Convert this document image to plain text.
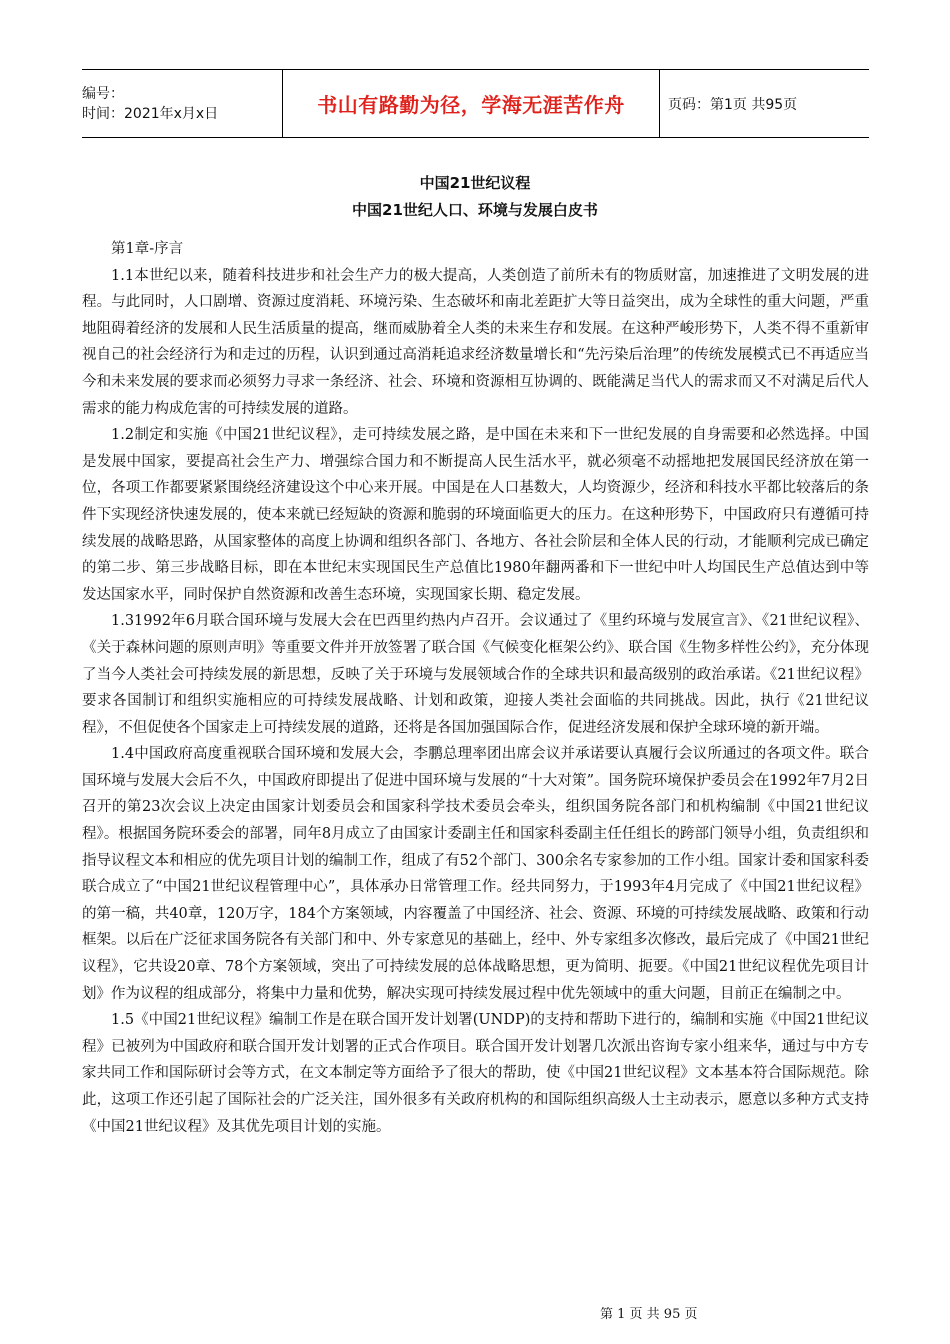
编号：
时间：2021年x月x日	书山有路勤为径，学海无涯苦作舟	页码：第1页 共95页
中国21世纪议程
中国21世纪人口、环境与发展白皮书

第1章-序言

1.1本世纪以来，随着科技进步和社会生产力的极大提高，人类创造了前所未有的物质财富，加速推进了文明发展的进程。与此同时，人口剧增、资源过度消耗、环境污染、生态破坏和南北差距扩大等日益突出，成为全球性的重大问题，严重地阻碍着经济的发展和人民生活质量的提高，继而威胁着全人类的未来生存和发展。在这种严峻形势下，人类不得不重新审视自己的社会经济行为和走过的历程，认识到通过高消耗追求经济数量增长和“先污染后治理”的传统发展模式已不再适应当今和未来发展的要求而必须努力寻求一条经济、社会、环境和资源相互协调的、既能满足当代人的需求而又不对满足后代人需求的能力构成危害的可持续发展的道路。

1.2制定和实施《中国21世纪议程》，走可持续发展之路，是中国在未来和下一世纪发展的自身需要和必然选择。中国是发展中国家，要提高社会生产力、增强综合国力和不断提高人民生活水平，就必须毫不动摇地把发展国民经济放在第一位，各项工作都要紧紧围绕经济建设这个中心来开展。中国是在人口基数大，人均资源少，经济和科技水平都比较落后的条件下实现经济快速发展的，使本来就已经短缺的资源和脆弱的环境面临更大的压力。在这种形势下，中国政府只有遵循可持续发展的战略思路，从国家整体的高度上协调和组织各部门、各地方、各社会阶层和全体人民的行动，才能顺利完成已确定的第二步、第三步战略目标，即在本世纪末实现国民生产总值比1980年翻两番和下一世纪中叶人均国民生产总值达到中等发达国家水平，同时保护自然资源和改善生态环境，实现国家长期、稳定发展。

1.31992年6月联合国环境与发展大会在巴西里约热内卢召开。会议通过了《里约环境与发展宣言》、《21世纪议程》、《关于森林问题的原则声明》等重要文件并开放签署了联合国《气候变化框架公约》、联合国《生物多样性公约》，充分体现了当今人类社会可持续发展的新思想，反映了关于环境与发展领域合作的全球共识和最高级别的政治承诺。《21世纪议程》要求各国制订和组织实施相应的可持续发展战略、计划和政策，迎接人类社会面临的共同挑战。因此，执行《21世纪议程》，不但促使各个国家走上可持续发展的道路，还将是各国加强国际合作，促进经济发展和保护全球环境的新开端。

1.4中国政府高度重视联合国环境和发展大会，李鹏总理率团出席会议并承诺要认真履行会议所通过的各项文件。联合国环境与发展大会后不久，中国政府即提出了促进中国环境与发展的“十大对策”。国务院环境保护委员会在1992年7月2日召开的第23次会议上决定由国家计划委员会和国家科学技术委员会牵头，组织国务院各部门和机构编制《中国21世纪议程》。根据国务院环委会的部署，同年8月成立了由国家计委副主任和国家科委副主任任组长的跨部门领导小组，负责组织和指导议程文本和相应的优先项目计划的编制工作，组成了有52个部门、300余名专家参加的工作小组。国家计委和国家科委联合成立了“中国21世纪议程管理中心”，具体承办日常管理工作。经共同努力，于1993年4月完成了《中国21世纪议程》的第一稿，共40章，120万字，184个方案领域，内容覆盖了中国经济、社会、资源、环境的可持续发展战略、政策和行动框架。以后在广泛征求国务院各有关部门和中、外专家意见的基础上，经中、外专家组多次修改，最后完成了《中国21世纪议程》，它共设20章、78个方案领域，突出了可持续发展的总体战略思想，更为简明、扼要。《中国21世纪议程优先项目计划》作为议程的组成部分，将集中力量和优势，解决实现可持续发展过程中优先领域中的重大问题，目前正在编制之中。

1.5《中国21世纪议程》编制工作是在联合国开发计划署(UNDP)的支持和帮助下进行的，编制和实施《中国21世纪议程》已被列为中国政府和联合国开发计划署的正式合作项目。联合国开发计划署几次派出咨询专家小组来华，通过与中方专家共同工作和国际研讨会等方式，在文本制定等方面给予了很大的帮助，使《中国21世纪议程》文本基本符合国际规范。除此，这项工作还引起了国际社会的广泛关注，国外很多有关政府机构的和国际组织高级人士主动表示，愿意以多种方式支持《中国21世纪议程》及其优先项目计划的实施。

第 1 页 共 95 页
